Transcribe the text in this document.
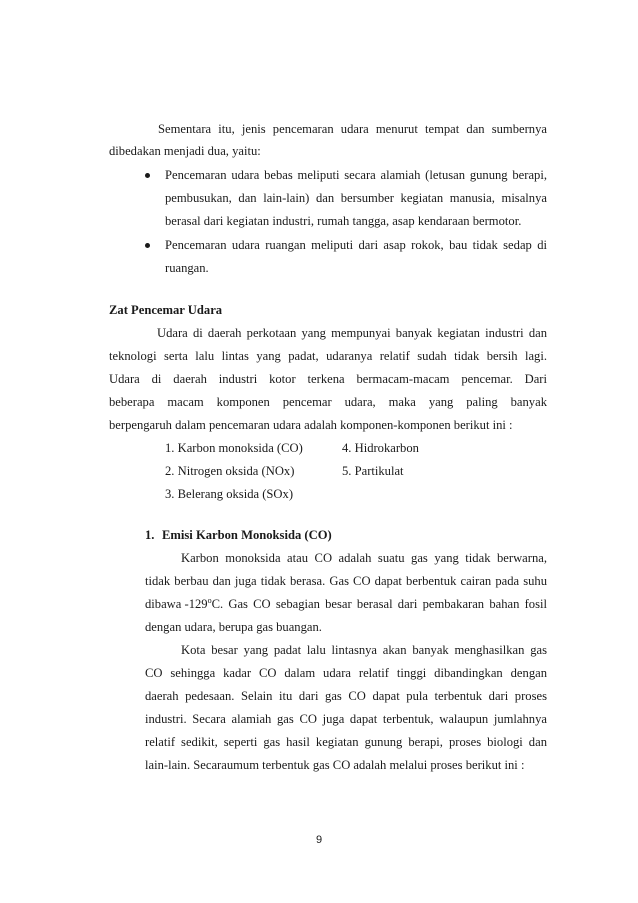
Sementara itu, jenis pencemaran udara menurut tempat dan sumbernya
dibedakan menjadi dua, yaitu:
Pencemaran udara bebas meliputi secara alamiah (letusan gunung berapi,
pembusukan, dan lain-lain) dan bersumber kegiatan manusia, misalnya
berasal dari kegiatan industri, rumah tangga, asap kendaraan bermotor.
Pencemaran udara ruangan meliputi dari asap rokok, bau tidak sedap di
ruangan.
Zat Pencemar Udara
Udara di daerah perkotaan yang mempunyai banyak kegiatan industri dan
teknologi serta lalu lintas yang padat, udaranya relatif sudah tidak bersih lagi.
Udara di daerah industri kotor terkena bermacam-macam pencemar. Dari
beberapa macam komponen pencemar udara, maka yang paling banyak
berpengaruh dalam pencemaran udara adalah komponen-komponen berikut ini :
1. Karbon monoksida (CO)	4. Hidrokarbon
2. Nitrogen oksida (NOx)	5. Partikulat
3. Belerang oksida (SOx)
1. Emisi Karbon Monoksida (CO)
Karbon monoksida atau CO adalah suatu gas yang tidak berwarna,
tidak berbau dan juga tidak berasa. Gas CO dapat berbentuk cairan pada suhu
dibawa -129$^o$ C. Gas CO sebagian besar berasal dari pembakaran bahan fosil
dengan udara, berupa gas buangan.
Kota besar yang padat lalu lintasnya akan banyak menghasilkan gas
CO sehingga kadar CO dalam udara relatif tinggi dibandingkan dengan
daerah pedesaan. Selain itu dari gas CO dapat pula terbentuk dari proses
industri. Secara alamiah gas CO juga dapat terbentuk, walaupun jumlahnya
relatif sedikit, seperti gas hasil kegiatan gunung berapi, proses biologi dan
lain-lain. Secaraumum terbentuk gas CO adalah melalui proses berikut ini :
9
